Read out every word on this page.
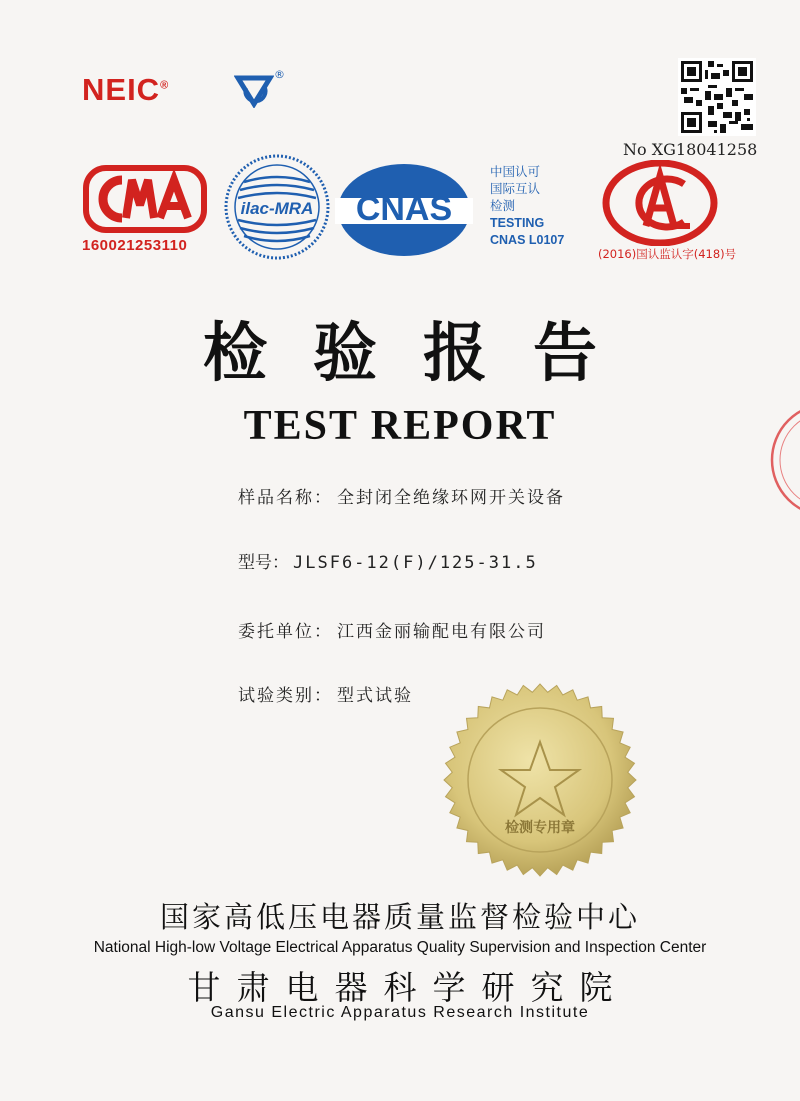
NEIC®
®
No XG18041258
16002125311​0
ilac-MRA CNAS
中国认可
国际互认
检测
TESTING
CNAS L0107
(2016)国认监认字(418)号
检验报告
TEST REPORT
样品名称： 全封闭全绝缘环网开关设备
型号： JLSF6-12(F)/125-31.5
委托单位： 江西金丽输配电有限公司
试验类别： 型式试验
检测专用章
国家高低压电器质量监督检验中心
National High-low Voltage Electrical Apparatus Quality Supervision and Inspection Center
甘肃电器科学研究院
Gansu Electric Apparatus Research Institute
